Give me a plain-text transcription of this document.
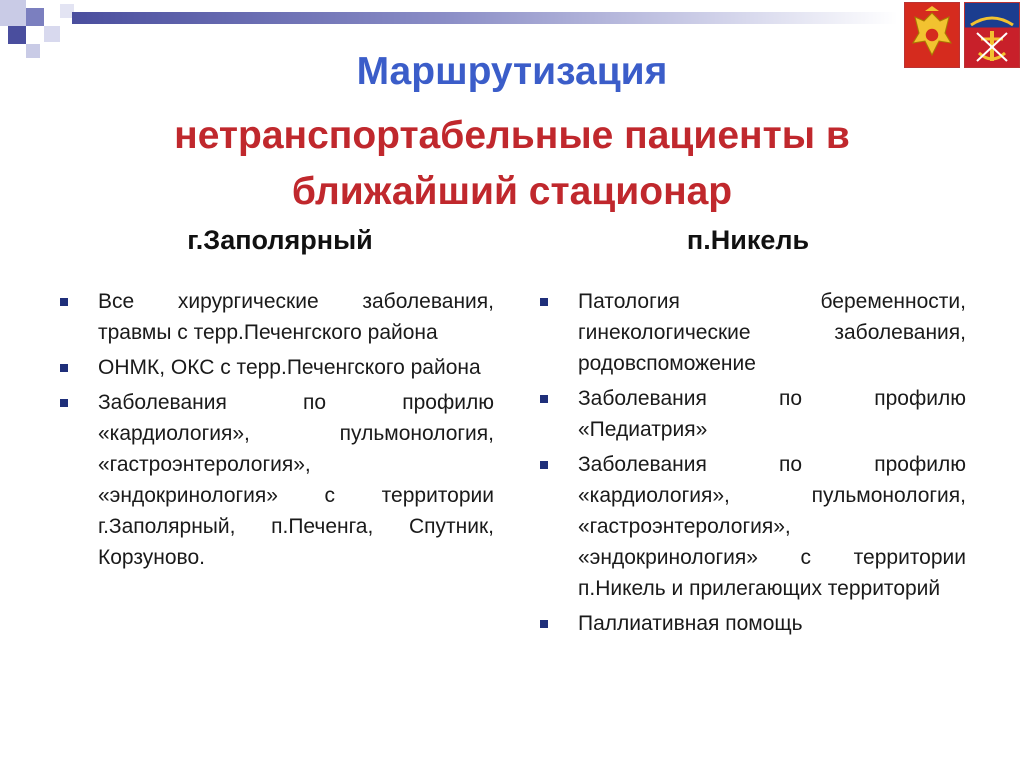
Маршрутизация
нетранспортабельные пациенты в
ближайший стационар
г.Заполярный	п.Никель
Все хирургические заболевания, травмы с терр.Печенгского района
ОНМК, ОКС с терр.Печенгского района
Заболевания по профилю «кардиология», пульмонология, «гастроэнтерология», «эндокринология» с территории г.Заполярный, п.Печенга, Спутник, Корзуново.
Патология беременности, гинекологические заболевания, родовспоможение
Заболевания по профилю «Педиатрия»
Заболевания по профилю «кардиология», пульмонология, «гастроэнтерология», «эндокринология» с территории п.Никель и прилегающих территорий
Паллиативная помощь
